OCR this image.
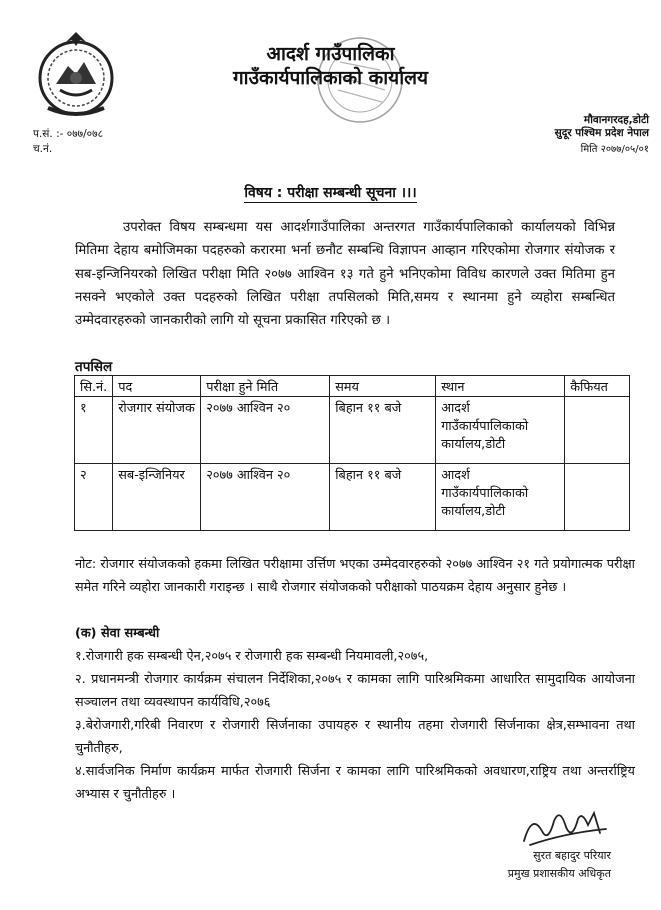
आदर्श गाउँपालिका
गाउँकार्यपालिकाको कार्यालय
मौवानगरदह,डोटी
सुदूर पश्चिम प्रदेश नेपाल
मिति २०७७/०५/०१
प.सं. :- ०७७/०७८
च.नं.
विषय : परीक्षा सम्बन्धी सूचना ।।।
उपरोक्त विषय सम्बन्धमा यस आदर्शगाउँपालिका अन्तरगत गाउँकार्यपालिकाको कार्यालयको विभिन्न मितिमा देहाय बमोजिमका पदहरुको करारमा भर्ना छनौट सम्बन्धि विज्ञापन आव्हान गरिएकोमा रोजगार संयोजक र सब-इन्जिनियरको लिखित परीक्षा मिति २०७७ आश्विन १३ गते हुने भनिएकोमा विविध कारणले उक्त मितिमा हुन नसक्ने भएकोले उक्त पदहरुको लिखित परीक्षा तपसिलको मिति,समय र स्थानमा हुने व्यहोरा सम्बन्धित उम्मेदवारहरुको जानकारीको लागि यो सूचना प्रकासित गरिएको छ ।
तपसिल
सि.नं.	पद	परीक्षा हुने मिति	समय	स्थान	कैफियत
१	रोजगार संयोजक	२०७७ आश्विन २०	बिहान ११ बजे	आदर्श गाउँकार्यपालिकाको कार्यालय,डोटी	
२	सब-इन्जिनियर	२०७७ आश्विन २०	बिहान ११ बजे	आदर्श गाउँकार्यपालिकाको कार्यालय,डोटी	
नोट: रोजगार संयोजकको हकमा लिखित परीक्षामा उर्त्तिण भएका उम्मेदवारहरुको २०७७ आश्विन २१ गते प्रयोगात्मक परीक्षा समेत गरिने व्यहोरा जानकारी गराइन्छ । साथै रोजगार संयोजकको परीक्षाको पाठयक्रम देहाय अनुसार हुनेछ ।
(क) सेवा सम्बन्धी

१.रोजगारी हक सम्बन्धी ऐन,२०७५ र रोजगारी हक सम्बन्धी नियमावली,२०७५,

२. प्रधानमन्त्री रोजगार कार्यक्रम संचालन निर्देशिका,२०७५ र कामका लागि पारिश्रमिकमा आधारित सामुदायिक आयोजना सञ्चालन तथा व्यवस्थापन कार्यविधि,२०७६

३.बेरोजगारी,गरिबी निवारण र रोजगारी सिर्जनाका उपायहरु र स्थानीय तहमा रोजगारी सिर्जनाका क्षेत्र,सम्भावना तथा चुनौतीहरु,

४.सार्वजनिक निर्माण कार्यक्रम मार्फत रोजगारी सिर्जना र कामका लागि पारिश्रमिकको अवधारण,राष्ट्रिय तथा अन्तर्राष्ट्रिय अभ्यास र चुनौतीहरु ।

सुरत बहादुर परियार
प्रमुख प्रशासकीय अधिकृत
